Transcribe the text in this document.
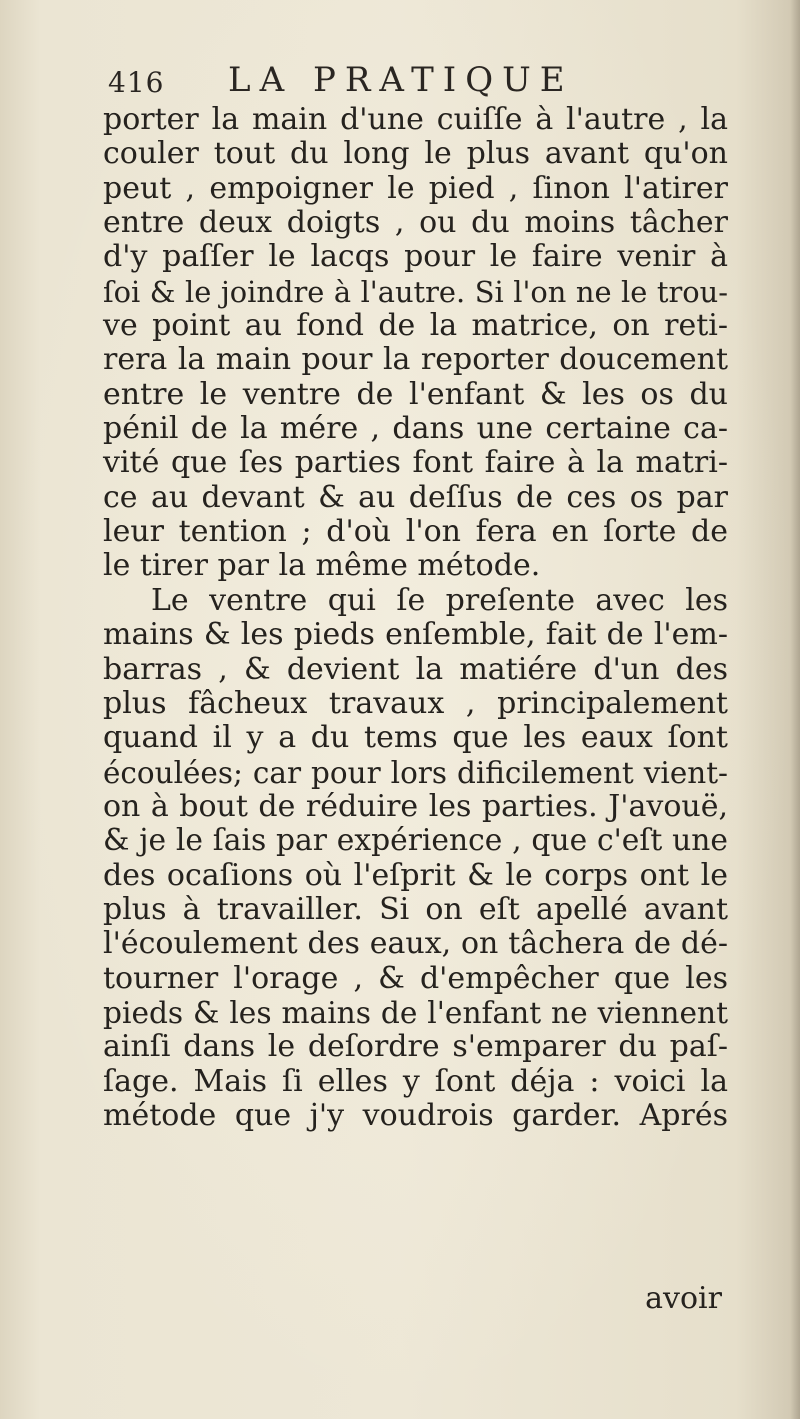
416 LA PRATIQUE
porter la main d'une cuiſſe à l'autre , la
couler tout du long le plus avant qu'on
peut , empoigner le pied , ſinon l'atirer
entre deux doigts , ou du moins tâcher
d'y paſſer le lacqs pour le faire venir à
ſoi & le joindre à l'autre. Si l'on ne le trou-
ve point au fond de la matrice, on reti-
rera la main pour la reporter doucement
entre le ventre de l'enfant & les os du
pénil de la mére , dans une certaine ca-
vité que ſes parties font faire à la matri-
ce au devant & au deſſus de ces os par
leur tention ; d'où l'on fera en ſorte de
le tirer par la même métode.
Le ventre qui ſe preſente avec les
mains & les pieds enſemble, fait de l'em-
barras , & devient la matiére d'un des
plus fâcheux travaux , principalement
quand il y a du tems que les eaux ſont
écoulées; car pour lors dificilement vient-
on à bout de réduire les parties. J'avouë,
& je le ſais par expérience , que c'eſt une
des ocaſions où l'eſprit & le corps ont le
plus à travailler. Si on eſt apellé avant
l'écoulement des eaux, on tâchera de dé-
tourner l'orage , & d'empêcher que les
pieds & les mains de l'enfant ne viennent
ainſi dans le deſordre s'emparer du paſ-
ſage. Mais ſi elles y ſont déja : voici la
métode que j'y voudrois garder. Aprés
avoir
